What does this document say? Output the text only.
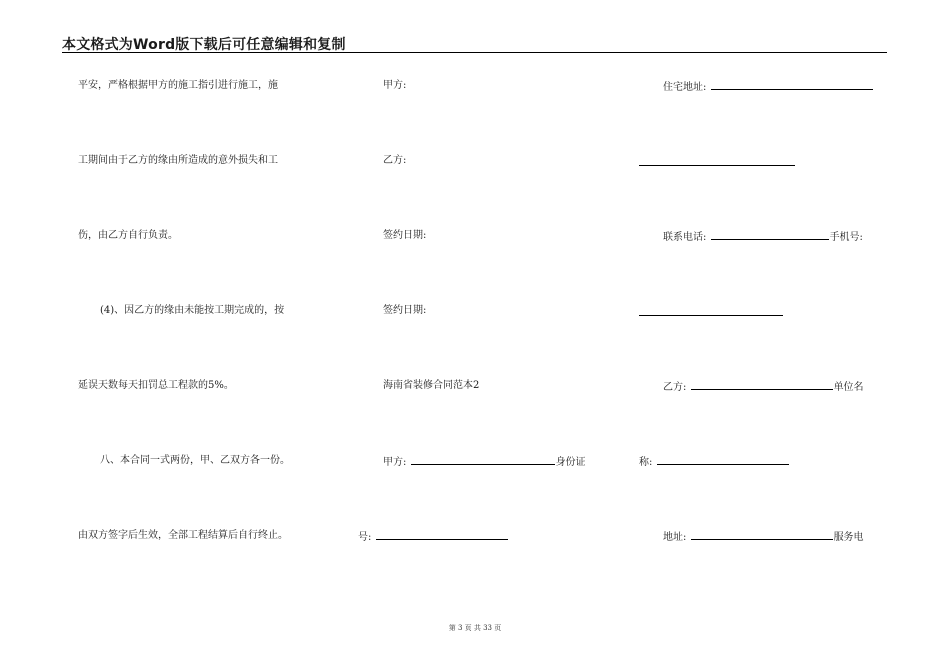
本文格式为Word版下载后可任意编辑和复制
平安，严格根据甲方的施工指引进行施工，施
工期间由于乙方的缘由所造成的意外损失和工
伤，由乙方自行负责。
(4)、因乙方的缘由未能按工期完成的，按
延误天数每天扣罚总工程款的5%。
八、本合同一式两份，甲、乙双方各一份。
由双方签字后生效，全部工程结算后自行终止。
甲方:
乙方:
签约日期:
签约日期:
海南省装修合同范本2
甲方:	身份证
号:
住宅地址:
联系电话:	手机号:
乙方:	单位名
称:
地址:	服务电
第 3 页 共 33 页
